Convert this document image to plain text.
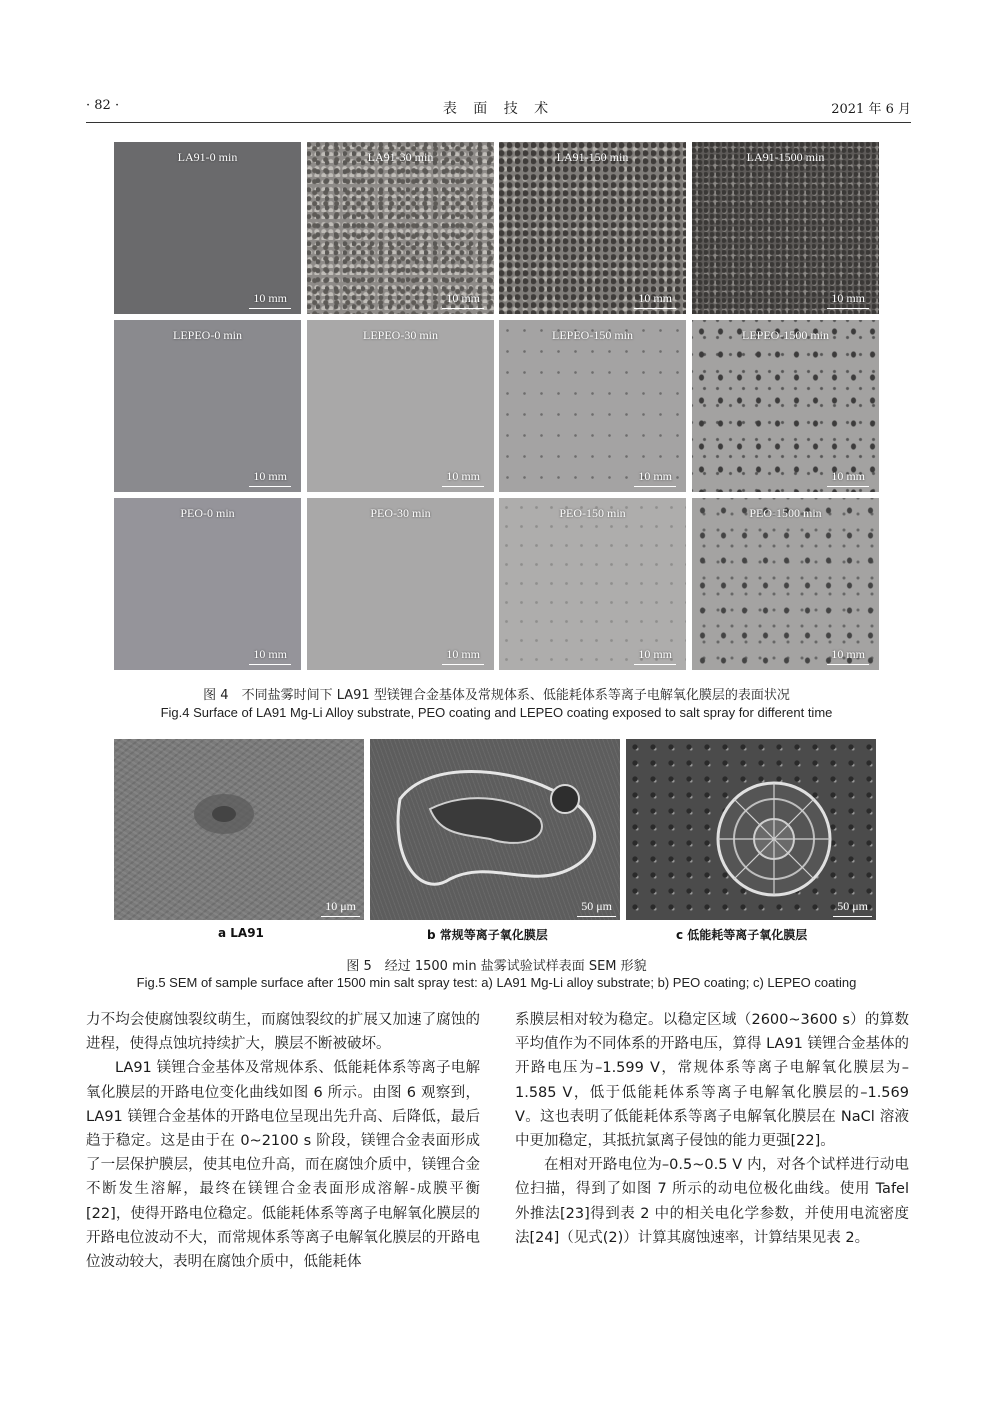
· 82 ·	表 面 技 术	2021 年 6 月
LA91-0 min
10 mm
LA91-30 min
10 mm
LA91-150 min
10 mm
LA91-1500 min
10 mm
LEPEO-0 min
10 mm
LEPEO-30 min
10 mm
LEPEO-150 min
10 mm
LEPEO-1500 min
10 mm
PEO-0 min
10 mm
PEO-30 min
10 mm
PEO-150 min
10 mm
PEO-1500 min
10 mm
图 4　不同盐雾时间下 LA91 型镁锂合金基体及常规体系、低能耗体系等离子电解氧化膜层的表面状况
Fig.4 Surface of LA91 Mg-Li Alloy substrate, PEO coating and LEPEO coating exposed to salt spray for different time
10 μm	50 μm	50 μm
a LA91	b 常规等离子氧化膜层	c 低能耗等离子氧化膜层
图 5　经过 1500 min 盐雾试验试样表面 SEM 形貌
Fig.5 SEM of sample surface after 1500 min salt spray test: a) LA91 Mg-Li alloy substrate; b) PEO coating; c) LEPEO coating

力不均会使腐蚀裂纹萌生，而腐蚀裂纹的扩展又加速了腐蚀的进程，使得点蚀坑持续扩大，膜层不断被破坏。

LA91 镁锂合金基体及常规体系、低能耗体系等离子电解氧化膜层的开路电位变化曲线如图 6 所示。由图 6 观察到，LA91 镁锂合金基体的开路电位呈现出先升高、后降低，最后趋于稳定。这是由于在 0~2100 s 阶段，镁锂合金表面形成了一层保护膜层，使其电位升高，而在腐蚀介质中，镁锂合金不断发生溶解，最终在镁锂合金表面形成溶解-成膜平衡[22]，使得开路电位稳定。低能耗体系等离子电解氧化膜层的开路电位波动不大，而常规体系等离子电解氧化膜层的开路电位波动较大，表明在腐蚀介质中，低能耗体

系膜层相对较为稳定。以稳定区域（2600~3600 s）的算数平均值作为不同体系的开路电压，算得 LA91 镁锂合金基体的开路电压为–1.599 V，常规体系等离子电解氧化膜层为–1.585 V，低于低能耗体系等离子电解氧化膜层的–1.569 V。这也表明了低能耗体系等离子电解氧化膜层在 NaCl 溶液中更加稳定，其抵抗氯离子侵蚀的能力更强[22]。

在相对开路电位为–0.5~0.5 V 内，对各个试样进行动电位扫描，得到了如图 7 所示的动电位极化曲线。使用 Tafel 外推法[23]得到表 2 中的相关电化学参数，并使用电流密度法[24]（见式(2)）计算其腐蚀速率，计算结果见表 2。
